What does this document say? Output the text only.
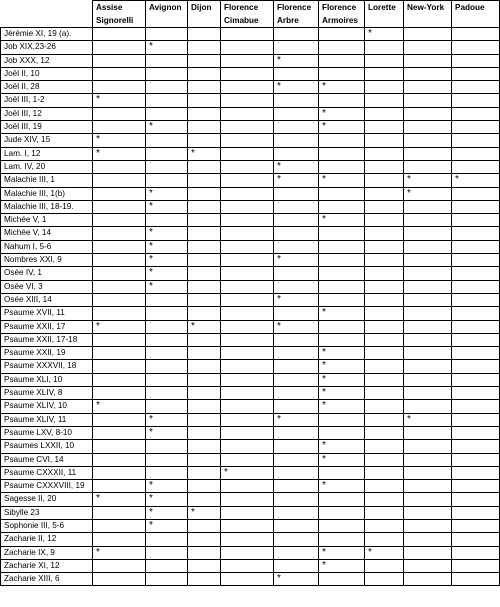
	Assise Signorelli	Avignon	Dijon	Florence Cimabue	Florence Arbre	Florence Armoires	Lorette	New-York	Padoue
Jérémie XI, 19 (a).							*		
Job XIX,23-26		*							
Job XXX, 12					*				
Joël II, 10									
Joël II, 28					*	*			
Joël III, 1-2	*								
Joël III, 12						*			
Joël III, 19		*				*			
Jude XIV, 15	*								
Lam. I, 12	*		*						
Lam. IV, 20					*				
Malachie III, 1					*	*		*	*
Malachie III, 1(b)		*						*	
Malachie III, 18-19.		*							
Michée V, 1						*			
Michée V, 14		*							
Nahum I, 5-6		*							
Nombres XXI, 9		*			*				
Osée IV, 1		*							
Osée VI, 3		*							
Osée XIII, 14					*				
Psaume XVII, 11						*			
Psaume XXII, 17	*		*		*				
Psaume XXII, 17-18									
Psaume XXII, 19						*			
Psaume XXXVII, 18						*			
Psaume XLI, 10						*			
Psaume XLIV, 8						*			
Psaume XLIV, 10	*					*			
Psaume XLIV, 11		*			*			*	
Psaume LXV, 8-10		*							
Psaumes LXXII, 10						*			
Psaume CVI, 14						*			
Psaume CXXXII, 11				*					
Psaume CXXXVIII, 19		*				*			
Sagesse II, 20	*	*							
Sibylle 23		*	*						
Sophonie III, 5-6		*							
Zacharie II, 12									
Zacharie IX, 9	*					*	*		
Zacharie XI, 12						*			
Zacharie XIII, 6					*				
